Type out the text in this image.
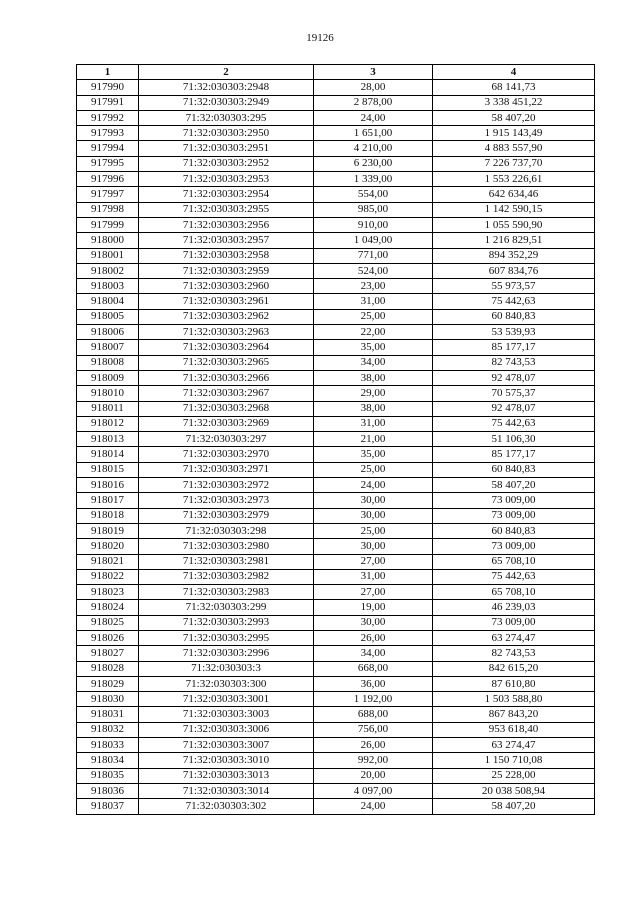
19126
1	2	3	4
917990	71:32:030303:2948	28,00	68 141,73
917991	71:32:030303:2949	2 878,00	3 338 451,22
917992	71:32:030303:295	24,00	58 407,20
917993	71:32:030303:2950	1 651,00	1 915 143,49
917994	71:32:030303:2951	4 210,00	4 883 557,90
917995	71:32:030303:2952	6 230,00	7 226 737,70
917996	71:32:030303:2953	1 339,00	1 553 226,61
917997	71:32:030303:2954	554,00	642 634,46
917998	71:32:030303:2955	985,00	1 142 590,15
917999	71:32:030303:2956	910,00	1 055 590,90
918000	71:32:030303:2957	1 049,00	1 216 829,51
918001	71:32:030303:2958	771,00	894 352,29
918002	71:32:030303:2959	524,00	607 834,76
918003	71:32:030303:2960	23,00	55 973,57
918004	71:32:030303:2961	31,00	75 442,63
918005	71:32:030303:2962	25,00	60 840,83
918006	71:32:030303:2963	22,00	53 539,93
918007	71:32:030303:2964	35,00	85 177,17
918008	71:32:030303:2965	34,00	82 743,53
918009	71:32:030303:2966	38,00	92 478,07
918010	71:32:030303:2967	29,00	70 575,37
918011	71:32:030303:2968	38,00	92 478,07
918012	71:32:030303:2969	31,00	75 442,63
918013	71:32:030303:297	21,00	51 106,30
918014	71:32:030303:2970	35,00	85 177,17
918015	71:32:030303:2971	25,00	60 840,83
918016	71:32:030303:2972	24,00	58 407,20
918017	71:32:030303:2973	30,00	73 009,00
918018	71:32:030303:2979	30,00	73 009,00
918019	71:32:030303:298	25,00	60 840,83
918020	71:32:030303:2980	30,00	73 009,00
918021	71:32:030303:2981	27,00	65 708,10
918022	71:32:030303:2982	31,00	75 442,63
918023	71:32:030303:2983	27,00	65 708,10
918024	71:32:030303:299	19,00	46 239,03
918025	71:32:030303:2993	30,00	73 009,00
918026	71:32:030303:2995	26,00	63 274,47
918027	71:32:030303:2996	34,00	82 743,53
918028	71:32:030303:3	668,00	842 615,20
918029	71:32:030303:300	36,00	87 610,80
918030	71:32:030303:3001	1 192,00	1 503 588,80
918031	71:32:030303:3003	688,00	867 843,20
918032	71:32:030303:3006	756,00	953 618,40
918033	71:32:030303:3007	26,00	63 274,47
918034	71:32:030303:3010	992,00	1 150 710,08
918035	71:32:030303:3013	20,00	25 228,00
918036	71:32:030303:3014	4 097,00	20 038 508,94
918037	71:32:030303:302	24,00	58 407,20
